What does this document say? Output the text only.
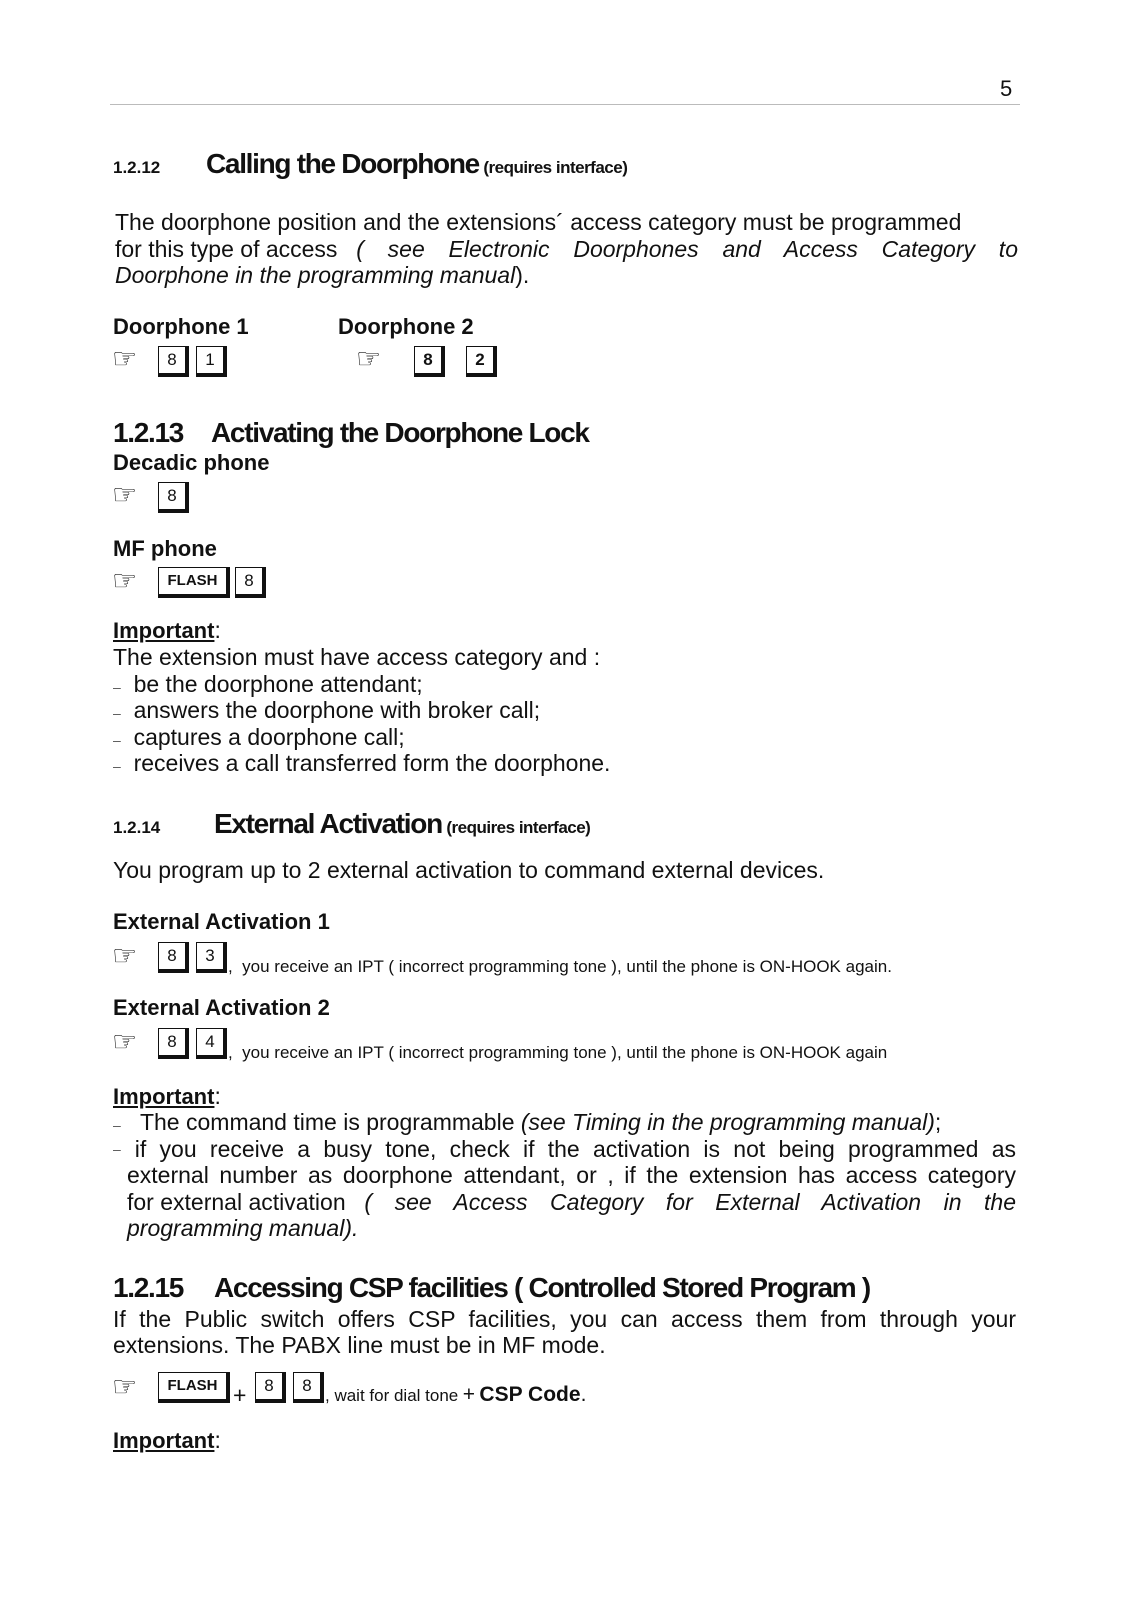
5
1.2.12 Calling the Doorphone (requires interface)
The doorphone position and the extensions´ access category must be programmed
for this type of access ( see Electronic Doorphones and Access Category to
Doorphone in the programming manual).
Doorphone 1	Doorphone 2
☞	8	1	☞	8	2
1.2.13 Activating the Doorphone Lock
Decadic phone
☞	8
MF phone
☞	FLASH	8
Important:
The extension must have access category and :
– be the doorphone attendant;
– answers the doorphone with broker call;
– captures a doorphone call;
– receives a call transferred form the doorphone.
1.2.14 External Activation (requires interface)
You program up to 2 external activation to command external devices.
External Activation 1
☞	8	3
,  you receive an IPT ( incorrect programming tone ), until the phone is ON-HOOK again.
External Activation 2
☞	8	4
,  you receive an IPT ( incorrect programming tone ), until the phone is ON-HOOK again
Important:
– The command time is programmable (see Timing in the programming manual);
– if you receive a busy tone, check if the activation is not being programmed as
external number as doorphone attendant, or , if the extension has access category
for external activation ( see Access Category for External Activation in the
programming manual).
1.2.15 Accessing CSP facilities ( Controlled Stored Program )
If the Public switch offers CSP facilities, you can access them from through your
extensions. The PABX line must be in MF mode.
☞	FLASH +	8	8
, wait for dial tone + CSP Code.
Important:
